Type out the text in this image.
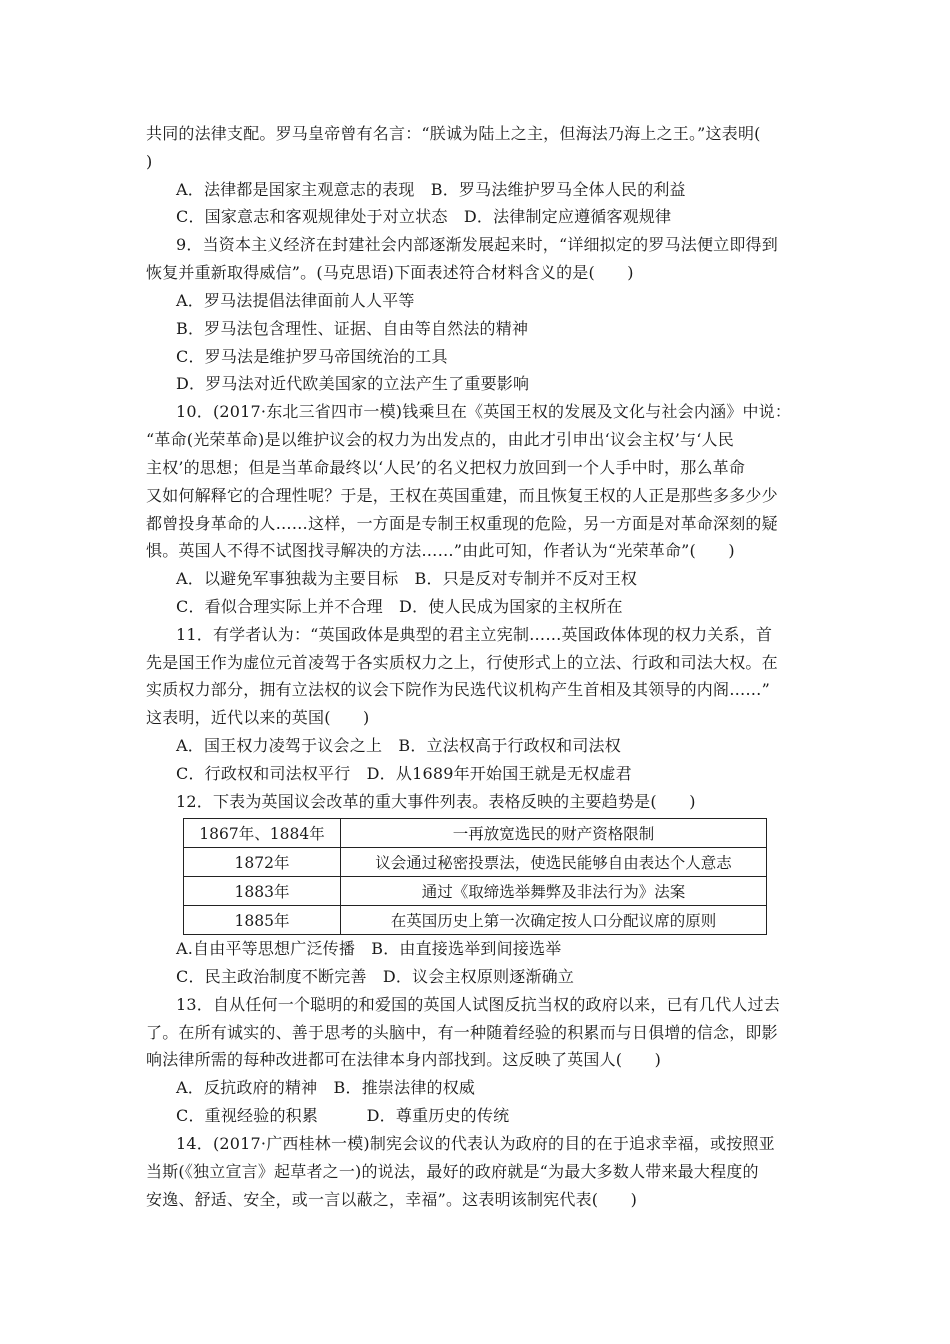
共同的法律支配。罗马皇帝曾有名言：“朕诚为陆上之主，但海法乃海上之王。”这表明(
)
A．法律都是国家主观意志的表现　B．罗马法维护罗马全体人民的利益
C．国家意志和客观规律处于对立状态　D．法律制定应遵循客观规律
9．当资本主义经济在封建社会内部逐渐发展起来时，“详细拟定的罗马法便立即得到
恢复并重新取得威信”。(马克思语)下面表述符合材料含义的是(　　)
A．罗马法提倡法律面前人人平等
B．罗马法包含理性、证据、自由等自然法的精神
C．罗马法是维护罗马帝国统治的工具
D．罗马法对近代欧美国家的立法产生了重要影响
10．(2017·东北三省四市一模)钱乘旦在《英国王权的发展及文化与社会内涵》中说：
“革命(光荣革命)是以维护议会的权力为出发点的，由此才引申出‘议会主权’与‘人民
主权’的思想；但是当革命最终以‘人民’的名义把权力放回到一个人手中时，那么革命
又如何解释它的合理性呢？于是，王权在英国重建，而且恢复王权的人正是那些多多少少
都曾投身革命的人……这样，一方面是专制王权重现的危险，另一方面是对革命深刻的疑
惧。英国人不得不试图找寻解决的方法……”由此可知，作者认为“光荣革命”(　　)
A．以避免军事独裁为主要目标　B．只是反对专制并不反对王权
C．看似合理实际上并不合理　D．使人民成为国家的主权所在
11．有学者认为：“英国政体是典型的君主立宪制……英国政体体现的权力关系，首
先是国王作为虚位元首凌驾于各实质权力之上，行使形式上的立法、行政和司法大权。在
实质权力部分，拥有立法权的议会下院作为民选代议机构产生首相及其领导的内阁……”
这表明，近代以来的英国(　　)
A．国王权力凌驾于议会之上　B．立法权高于行政权和司法权
C．行政权和司法权平行　D．从1689年开始国王就是无权虚君
12．下表为英国议会改革的重大事件列表。表格反映的主要趋势是(　　)
1867年、1884年	一再放宽选民的财产资格限制
1872年	议会通过秘密投票法，使选民能够自由表达个人意志
1883年	通过《取缔选举舞弊及非法行为》法案
1885年	在英国历史上第一次确定按人口分配议席的原则
A.自由平等思想广泛传播　B．由直接选举到间接选举
C．民主政治制度不断完善　D．议会主权原则逐渐确立
13．自从任何一个聪明的和爱国的英国人试图反抗当权的政府以来，已有几代人过去
了。在所有诚实的、善于思考的头脑中，有一种随着经验的积累而与日俱增的信念，即影
响法律所需的每种改进都可在法律本身内部找到。这反映了英国人(　　)
A．反抗政府的精神　B．推崇法律的权威
C．重视经验的积累　　　D．尊重历史的传统
14．(2017·广西桂林一模)制宪会议的代表认为政府的目的在于追求幸福，或按照亚
当斯(《独立宣言》起草者之一)的说法，最好的政府就是“为最大多数人带来最大程度的
安逸、舒适、安全，或一言以蔽之，幸福”。这表明该制宪代表(　　)
